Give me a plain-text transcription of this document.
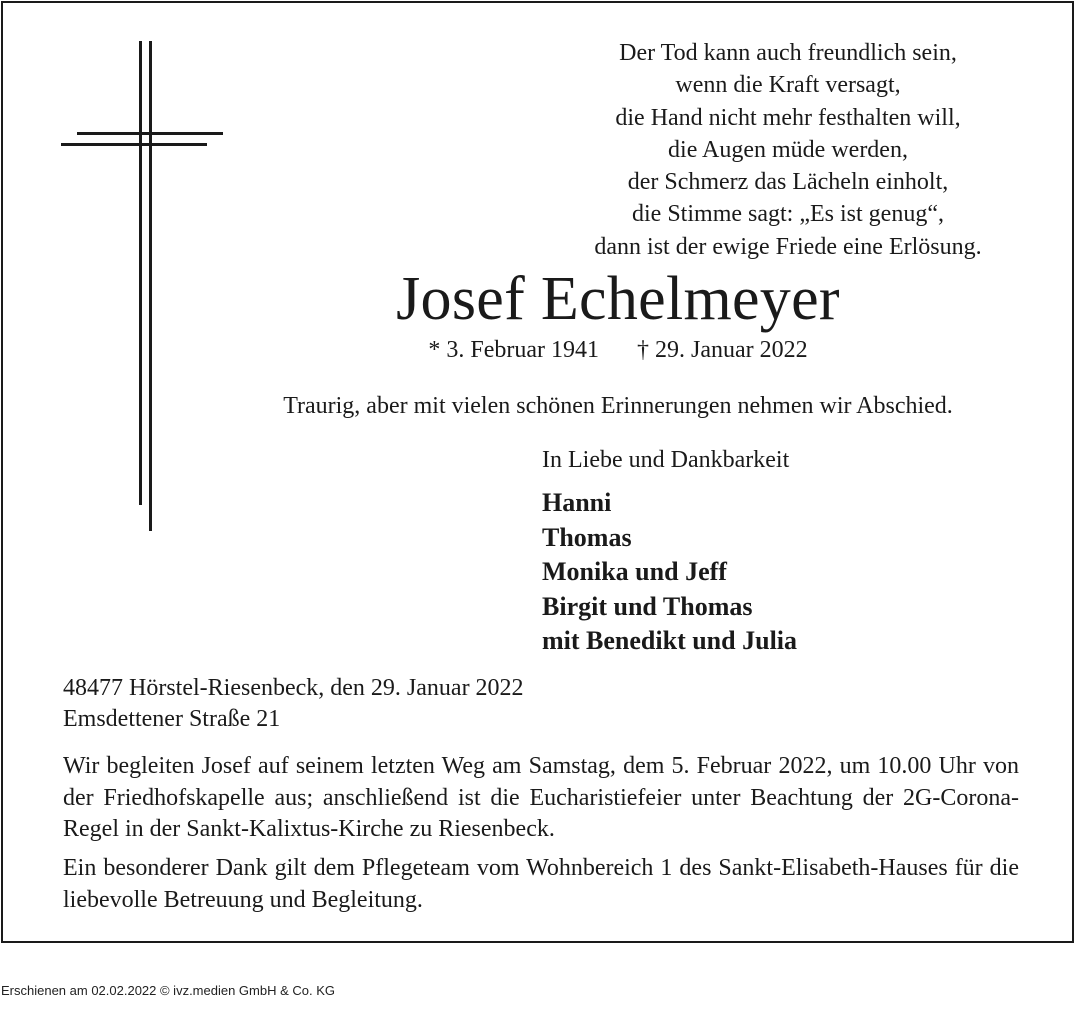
Der Tod kann auch freundlich sein,
wenn die Kraft versagt,
die Hand nicht mehr festhalten will,
die Augen müde werden,
der Schmerz das Lächeln einholt,
die Stimme sagt: „Es ist genug“,
dann ist der ewige Friede eine Erlösung.
Josef Echelmeyer
* 3. Februar 1941 † 29. Januar 2022
Traurig, aber mit vielen schönen Erinnerungen nehmen wir Abschied.
In Liebe und Dankbarkeit
Hanni
Thomas
Monika und Jeff
Birgit und Thomas
mit Benedikt und Julia
48477 Hörstel-Riesenbeck, den 29. Januar 2022
Emsdettener Straße 21
Wir begleiten Josef auf seinem letzten Weg am Samstag, dem 5. Februar 2022, um 10.00 Uhr von der Friedhofskapelle aus; anschließend ist die Eucharistiefeier unter Beachtung der 2G-Corona-Regel in der Sankt-Kalixtus-Kirche zu Riesenbeck.
Ein besonderer Dank gilt dem Pflegeteam vom Wohnbereich 1 des Sankt-Elisabeth-Hauses für die liebevolle Betreuung und Begleitung.
Erschienen am 02.02.2022 © ivz.medien GmbH & Co. KG
